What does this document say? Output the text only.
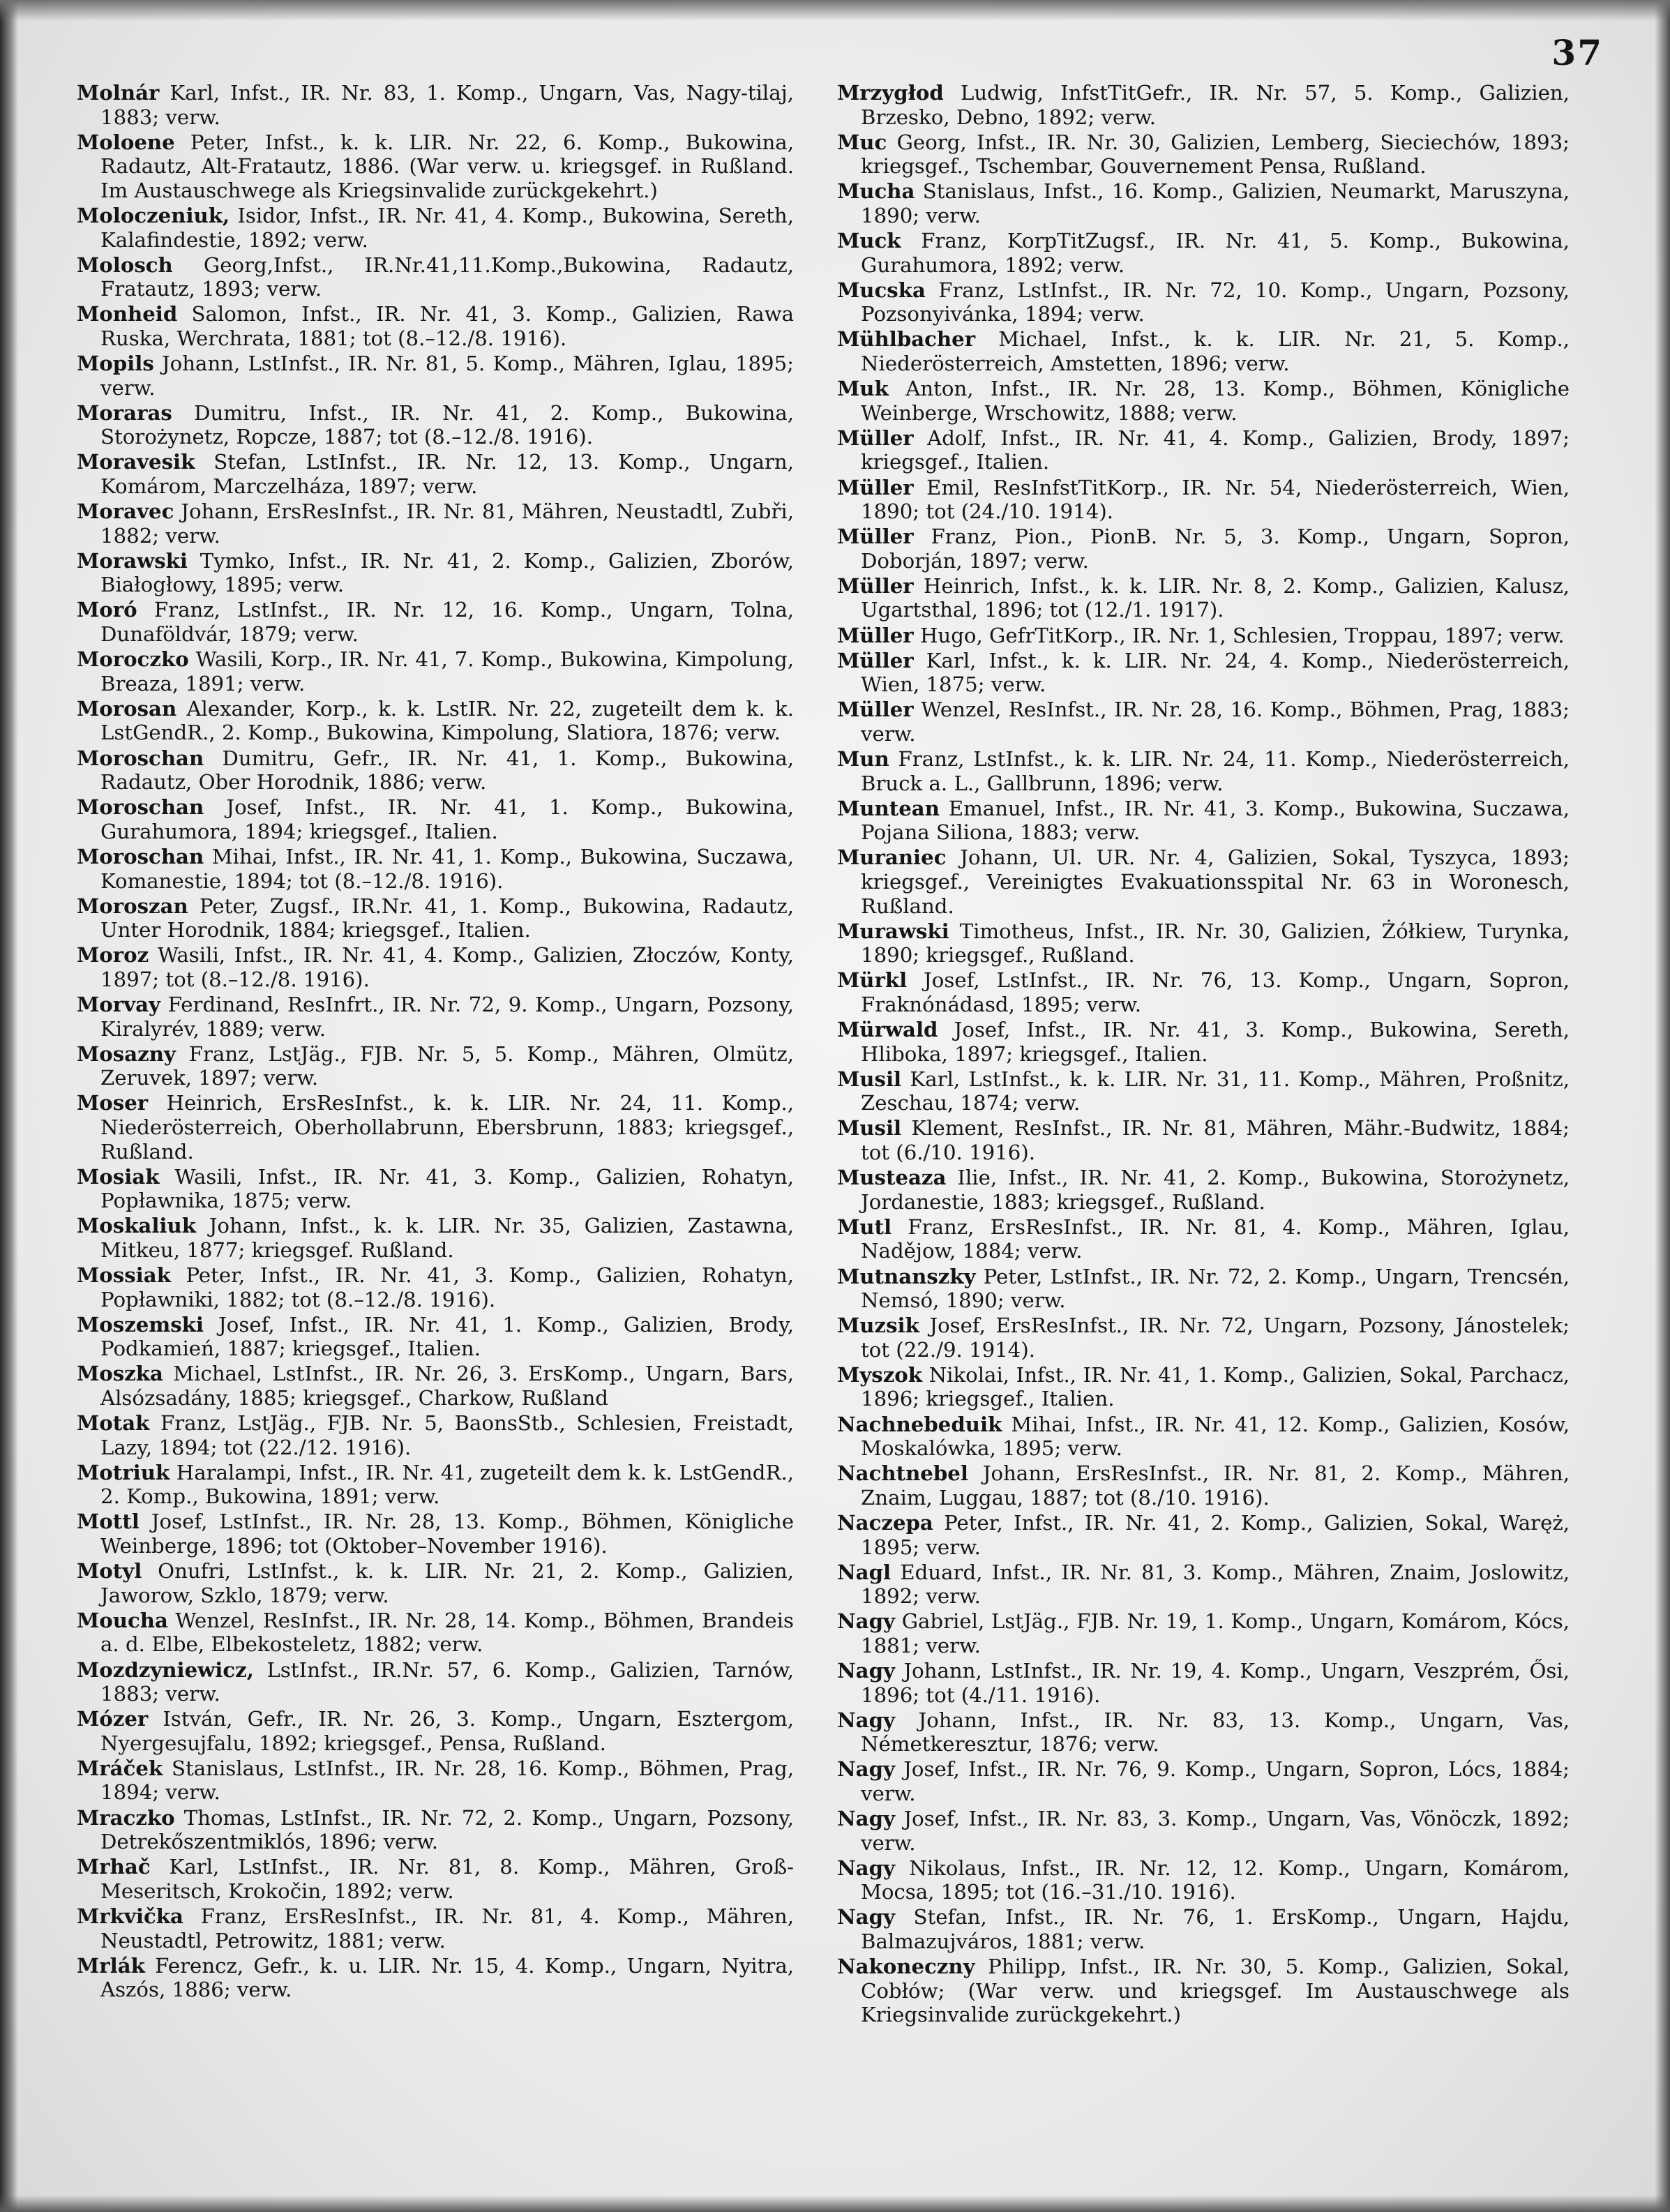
37
Molnár Karl, Infst., IR. Nr. 83, 1. Komp., Ungarn, Vas, Nagy-tilaj, 1883; verw.
Moloene Peter, Infst., k. k. LIR. Nr. 22, 6. Komp., Bukowina, Radautz, Alt-Fratautz, 1886. (War verw. u. kriegsgef. in Rußland. Im Austauschwege als Kriegsinvalide zurückgekehrt.)
Moloczeniuk, Isidor, Infst., IR. Nr. 41, 4. Komp., Bukowina, Sereth, Kalafindestie, 1892; verw.
Molosch Georg,Infst., IR.Nr.41,11.Komp.,Bukowina, Radautz, Fratautz, 1893; verw.
Monheid Salomon, Infst., IR. Nr. 41, 3. Komp., Galizien, Rawa Ruska, Werchrata, 1881; tot (8.–12./8. 1916).
Mopils Johann, LstInfst., IR. Nr. 81, 5. Komp., Mähren, Iglau, 1895; verw.
Moraras Dumitru, Infst., IR. Nr. 41, 2. Komp., Bukowina, Storożynetz, Ropcze, 1887; tot (8.–12./8. 1916).
Moravesik Stefan, LstInfst., IR. Nr. 12, 13. Komp., Ungarn, Komárom, Marczelháza, 1897; verw.
Moravec Johann, ErsResInfst., IR. Nr. 81, Mähren, Neustadtl, Zubři, 1882; verw.
Morawski Tymko, Infst., IR. Nr. 41, 2. Komp., Galizien, Zborów, Białogłowy, 1895; verw.
Moró Franz, LstInfst., IR. Nr. 12, 16. Komp., Ungarn, Tolna, Dunaföldvár, 1879; verw.
Moroczko Wasili, Korp., IR. Nr. 41, 7. Komp., Bukowina, Kimpolung, Breaza, 1891; verw.
Morosan Alexander, Korp., k. k. LstIR. Nr. 22, zugeteilt dem k. k. LstGendR., 2. Komp., Bukowina, Kimpolung, Slatiora, 1876; verw.
Moroschan Dumitru, Gefr., IR. Nr. 41, 1. Komp., Bukowina, Radautz, Ober Horodnik, 1886; verw.
Moroschan Josef, Infst., IR. Nr. 41, 1. Komp., Bukowina, Gurahumora, 1894; kriegsgef., Italien.
Moroschan Mihai, Infst., IR. Nr. 41, 1. Komp., Bukowina, Suczawa, Komanestie, 1894; tot (8.–12./8. 1916).
Moroszan Peter, Zugsf., IR.Nr. 41, 1. Komp., Bukowina, Radautz, Unter Horodnik, 1884; kriegsgef., Italien.
Moroz Wasili, Infst., IR. Nr. 41, 4. Komp., Galizien, Złoczów, Konty, 1897; tot (8.–12./8. 1916).
Morvay Ferdinand, ResInfrt., IR. Nr. 72, 9. Komp., Ungarn, Pozsony, Kiralyrév, 1889; verw.
Mosazny Franz, LstJäg., FJB. Nr. 5, 5. Komp., Mähren, Olmütz, Zeruvek, 1897; verw.
Moser Heinrich, ErsResInfst., k. k. LIR. Nr. 24, 11. Komp., Niederösterreich, Oberhollabrunn, Ebersbrunn, 1883; kriegsgef., Rußland.
Mosiak Wasili, Infst., IR. Nr. 41, 3. Komp., Galizien, Rohatyn, Popławnika, 1875; verw.
Moskaliuk Johann, Infst., k. k. LIR. Nr. 35, Galizien, Zastawna, Mitkeu, 1877; kriegsgef. Rußland.
Mossiak Peter, Infst., IR. Nr. 41, 3. Komp., Galizien, Rohatyn, Popławniki, 1882; tot (8.–12./8. 1916).
Moszemski Josef, Infst., IR. Nr. 41, 1. Komp., Galizien, Brody, Podkamień, 1887; kriegsgef., Italien.
Moszka Michael, LstInfst., IR. Nr. 26, 3. ErsKomp., Ungarn, Bars, Alsózsadány, 1885; kriegsgef., Charkow, Rußland
Motak Franz, LstJäg., FJB. Nr. 5, BaonsStb., Schlesien, Freistadt, Lazy, 1894; tot (22./12. 1916).
Motriuk Haralampi, Infst., IR. Nr. 41, zugeteilt dem k. k. LstGendR., 2. Komp., Bukowina, 1891; verw.
Mottl Josef, LstInfst., IR. Nr. 28, 13. Komp., Böhmen, Königliche Weinberge, 1896; tot (Oktober–November 1916).
Motyl Onufri, LstInfst., k. k. LIR. Nr. 21, 2. Komp., Galizien, Jaworow, Szklo, 1879; verw.
Moucha Wenzel, ResInfst., IR. Nr. 28, 14. Komp., Böhmen, Brandeis a. d. Elbe, Elbekosteletz, 1882; verw.
Mozdzyniewicz, LstInfst., IR.Nr. 57, 6. Komp., Galizien, Tarnów, 1883; verw.
Mózer István, Gefr., IR. Nr. 26, 3. Komp., Ungarn, Esztergom, Nyergesujfalu, 1892; kriegsgef., Pensa, Rußland.
Mráček Stanislaus, LstInfst., IR. Nr. 28, 16. Komp., Böhmen, Prag, 1894; verw.
Mraczko Thomas, LstInfst., IR. Nr. 72, 2. Komp., Ungarn, Pozsony, Detrekőszentmiklós, 1896; verw.
Mrhač Karl, LstInfst., IR. Nr. 81, 8. Komp., Mähren, Groß-Meseritsch, Krokočin, 1892; verw.
Mrkvička Franz, ErsResInfst., IR. Nr. 81, 4. Komp., Mähren, Neustadtl, Petrowitz, 1881; verw.
Mrlák Ferencz, Gefr., k. u. LIR. Nr. 15, 4. Komp., Ungarn, Nyitra, Aszós, 1886; verw.
Mrzygłod Ludwig, InfstTitGefr., IR. Nr. 57, 5. Komp., Galizien, Brzesko, Debno, 1892; verw.
Muc Georg, Infst., IR. Nr. 30, Galizien, Lemberg, Sieciechów, 1893; kriegsgef., Tschembar, Gouvernement Pensa, Rußland.
Mucha Stanislaus, Infst., 16. Komp., Galizien, Neumarkt, Maruszyna, 1890; verw.
Muck Franz, KorpTitZugsf., IR. Nr. 41, 5. Komp., Bukowina, Gurahumora, 1892; verw.
Mucska Franz, LstInfst., IR. Nr. 72, 10. Komp., Ungarn, Pozsony, Pozsonyivánka, 1894; verw.
Mühlbacher Michael, Infst., k. k. LIR. Nr. 21, 5. Komp., Niederösterreich, Amstetten, 1896; verw.
Muk Anton, Infst., IR. Nr. 28, 13. Komp., Böhmen, Königliche Weinberge, Wrschowitz, 1888; verw.
Müller Adolf, Infst., IR. Nr. 41, 4. Komp., Galizien, Brody, 1897; kriegsgef., Italien.
Müller Emil, ResInfstTitKorp., IR. Nr. 54, Niederösterreich, Wien, 1890; tot (24./10. 1914).
Müller Franz, Pion., PionB. Nr. 5, 3. Komp., Ungarn, Sopron, Doborján, 1897; verw.
Müller Heinrich, Infst., k. k. LIR. Nr. 8, 2. Komp., Galizien, Kalusz, Ugartsthal, 1896; tot (12./1. 1917).
Müller Hugo, GefrTitKorp., IR. Nr. 1, Schlesien, Troppau, 1897; verw.
Müller Karl, Infst., k. k. LIR. Nr. 24, 4. Komp., Niederösterreich, Wien, 1875; verw.
Müller Wenzel, ResInfst., IR. Nr. 28, 16. Komp., Böhmen, Prag, 1883; verw.
Mun Franz, LstInfst., k. k. LIR. Nr. 24, 11. Komp., Niederösterreich, Bruck a. L., Gallbrunn, 1896; verw.
Muntean Emanuel, Infst., IR. Nr. 41, 3. Komp., Bukowina, Suczawa, Pojana Siliona, 1883; verw.
Muraniec Johann, Ul. UR. Nr. 4, Galizien, Sokal, Tyszyca, 1893; kriegsgef., Vereinigtes Evakuationsspital Nr. 63 in Woronesch, Rußland.
Murawski Timotheus, Infst., IR. Nr. 30, Galizien, Żółkiew, Turynka, 1890; kriegsgef., Rußland.
Mürkl Josef, LstInfst., IR. Nr. 76, 13. Komp., Ungarn, Sopron, Fraknónádasd, 1895; verw.
Mürwald Josef, Infst., IR. Nr. 41, 3. Komp., Bukowina, Sereth, Hliboka, 1897; kriegsgef., Italien.
Musil Karl, LstInfst., k. k. LIR. Nr. 31, 11. Komp., Mähren, Proßnitz, Zeschau, 1874; verw.
Musil Klement, ResInfst., IR. Nr. 81, Mähren, Mähr.-Budwitz, 1884; tot (6./10. 1916).
Musteaza Ilie, Infst., IR. Nr. 41, 2. Komp., Bukowina, Storożynetz, Jordanestie, 1883; kriegsgef., Rußland.
Mutl Franz, ErsResInfst., IR. Nr. 81, 4. Komp., Mähren, Iglau, Nadějow, 1884; verw.
Mutnanszky Peter, LstInfst., IR. Nr. 72, 2. Komp., Ungarn, Trencsén, Nemsó, 1890; verw.
Muzsik Josef, ErsResInfst., IR. Nr. 72, Ungarn, Pozsony, Jánostelek; tot (22./9. 1914).
Myszok Nikolai, Infst., IR. Nr. 41, 1. Komp., Galizien, Sokal, Parchacz, 1896; kriegsgef., Italien.
Nachnebeduik Mihai, Infst., IR. Nr. 41, 12. Komp., Galizien, Kosów, Moskalówka, 1895; verw.
Nachtnebel Johann, ErsResInfst., IR. Nr. 81, 2. Komp., Mähren, Znaim, Luggau, 1887; tot (8./10. 1916).
Naczepa Peter, Infst., IR. Nr. 41, 2. Komp., Galizien, Sokal, Waręż, 1895; verw.
Nagl Eduard, Infst., IR. Nr. 81, 3. Komp., Mähren, Znaim, Joslowitz, 1892; verw.
Nagy Gabriel, LstJäg., FJB. Nr. 19, 1. Komp., Ungarn, Komárom, Kócs, 1881; verw.
Nagy Johann, LstInfst., IR. Nr. 19, 4. Komp., Ungarn, Veszprém, Ősi, 1896; tot (4./11. 1916).
Nagy Johann, Infst., IR. Nr. 83, 13. Komp., Ungarn, Vas, Németkeresztur, 1876; verw.
Nagy Josef, Infst., IR. Nr. 76, 9. Komp., Ungarn, Sopron, Lócs, 1884; verw.
Nagy Josef, Infst., IR. Nr. 83, 3. Komp., Ungarn, Vas, Vönöczk, 1892; verw.
Nagy Nikolaus, Infst., IR. Nr. 12, 12. Komp., Ungarn, Komárom, Mocsa, 1895; tot (16.–31./10. 1916).
Nagy Stefan, Infst., IR. Nr. 76, 1. ErsKomp., Ungarn, Hajdu, Balmazujváros, 1881; verw.
Nakoneczny Philipp, Infst., IR. Nr. 30, 5. Komp., Galizien, Sokal, Cobłów; (War verw. und kriegsgef. Im Austauschwege als Kriegsinvalide zurückgekehrt.)
